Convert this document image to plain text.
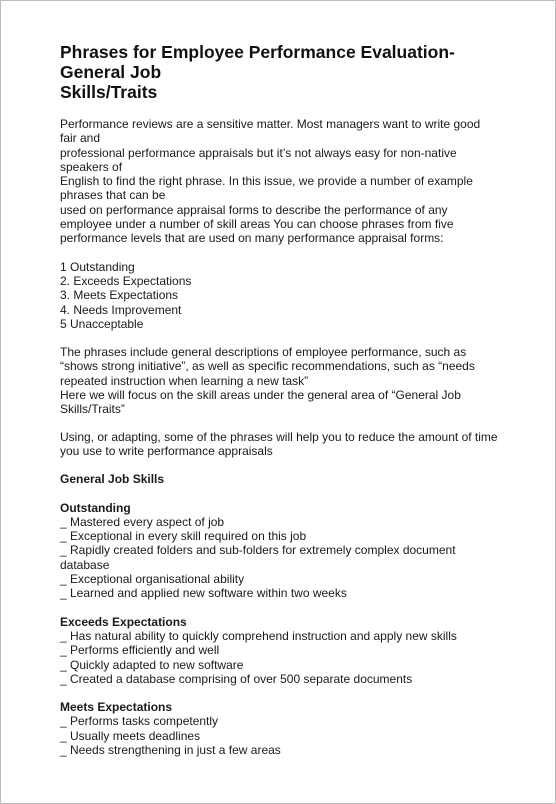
Phrases for Employee Performance Evaluation-
General Job
Skills/Traits
Performance reviews are a sensitive matter. Most managers want to write good
fair and
professional performance appraisals but it’s not always easy for non-native
speakers of
English to find the right phrase. In this issue, we provide a number of example
phrases that can be
used on performance appraisal forms to describe the performance of any
employee under a number of skill areas You can choose phrases from five
performance levels that are used on many performance appraisal forms:
1 Outstanding
2. Exceeds Expectations
3. Meets Expectations
4. Needs Improvement
5 Unacceptable
The phrases include general descriptions of employee performance, such as
“shows strong initiative”, as well as specific recommendations, such as “needs
repeated instruction when learning a new task”
Here we will focus on the skill areas under the general area of “General Job
Skills/Traits”
Using, or adapting, some of the phrases will help you to reduce the amount of time
you use to write performance appraisals
General Job Skills
Outstanding
_ Mastered every aspect of job
_ Exceptional in every skill required on this job
_ Rapidly created folders and sub-folders for extremely complex document
database
_ Exceptional organisational ability
_ Learned and applied new software within two weeks
Exceeds Expectations
_ Has natural ability to quickly comprehend instruction and apply new skills
_ Performs efficiently and well
_ Quickly adapted to new software
_ Created a database comprising of over 500 separate documents
Meets Expectations
_ Performs tasks competently
_ Usually meets deadlines
_ Needs strengthening in just a few areas
